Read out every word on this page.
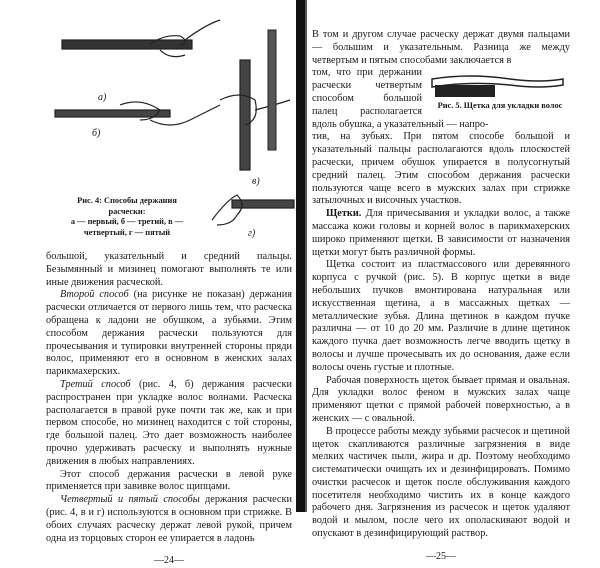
а)
б)
в)
г)
Рис. 4: Способы держания расчески:
а — первый, б — третий, в — четвертый, г — пятый

большой, указательный и средний пальцы. Безымянный и мизинец помогают выполнять те или иные движения расческой.

Второй способ (на рисунке не показан) держания расчески отличается от первого лишь тем, что расческа обращена к ладони не обушком, а зубьями. Этим способом держания расчески пользуются для прочесывания и тупировки внутренней стороны пряди волос, применяют его в основном в женских залах парикмахерских.

Третий способ (рис. 4, б) держания расчески распространен при укладке волос волнами. Расческа располагается в правой руке почти так же, как и при первом способе, но мизинец находится с той стороны, где большой палец. Это дает возможность наиболее прочно удерживать расческу и выполнять нужные движения в любых направлениях.

Этот способ держания расчески в левой руке применяется при завивке волос щипцами.

Четвертый и пятый способы держания расчески (рис. 4, в и г) используются в основном при стрижке. В обоих случаях расческу держат левой рукой, причем одна из торцовых сторон ее упирается в ладонь

—24—

В том и другом случае расческу держат двумя пальцами — большим и указательным. Разница же между четвертым и пятым способами заключается в

Рис. 5. Щетка для укладки волос

том, что при держании расчески четвертым способом большой палец располагается вдоль обушка, а указательный — напро-

тив, на зубьях. При пятом способе большой и указательный пальцы располагаются вдоль плоскостей расчески, причем обушок упирается в полусогнутый средний палец. Этим способом держания расчески пользуются чаще всего в мужских залах при стрижке затылочных и височных участков.

Щетки. Для причесывания и укладки волос, а также массажа кожи головы и корней волос в парикмахерских широко применяют щетки. В зависимости от назначения щетки могут быть различной формы.

Щетка состоит из пластмассового или деревянного корпуса с ручкой (рис. 5). В корпус щетки в виде небольших пучков вмонтирована натуральная или искусственная щетина, а в массажных щетках — металлические зубья. Длина щетинок в каждом пучке различна — от 10 до 20 мм. Различие в длине щетинок каждого пучка дает возможность легче вводить щетку в волосы и лучше прочесывать их до основания, даже если волосы очень густые и плотные.

Рабочая поверхность щеток бывает прямая и овальная. Для укладки волос феном в мужских залах чаще применяют щетки с прямой рабочей поверхностью, а в женских — с овальной.

В процессе работы между зубьями расчесок и щетиной щеток скапливаются различные загрязнения в виде мелких частичек пыли, жира и др. Поэтому необходимо систематически очищать их и дезинфицировать. Помимо очистки расчесок и щеток после обслуживания каждого посетителя необходимо чистить их в конце каждого рабочего дня. Загрязнения из расчесок и щеток удаляют водой и мылом, после чего их ополаскивают водой и опускают в дезинфицирующий раствор.

—25—
